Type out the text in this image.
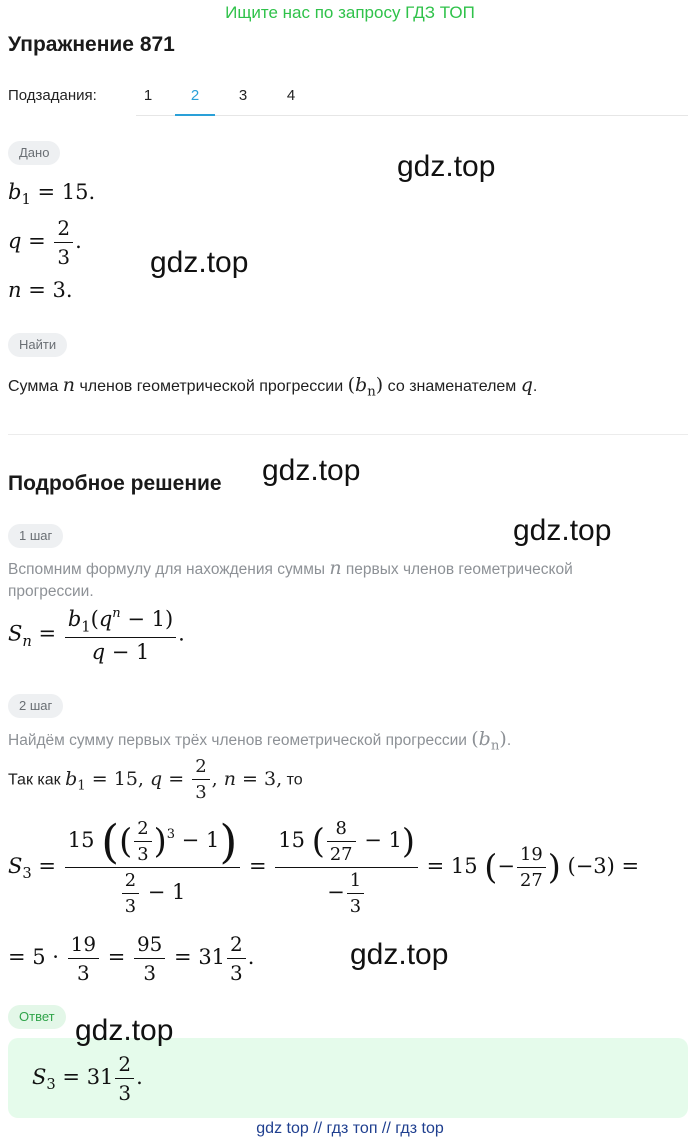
Ищите нас по запросу ГДЗ ТОП
Упражнение 871
Подзадания:	1	2	3	4
Дано
$b_1 = 15$.
$q = \frac{2}{3}$ .
n = 3.
Найти
Сумма n членов геометрической прогрессии $(b_n)$ со знаменателем q.
Подробное решение
1 шаг
Вспомним формулу для нахождения суммы n первых членов геометрической прогрессии.
$S_n = \frac{b_1(q^n - 1)}{q - 1}$ .
2 шаг
Найдём сумму первых трёх членов геометрической прогрессии $(b_n)$.
Так как $b_1 = 15$, $q = \frac{2}{3}$ , n = 3, то
$S_3 = \frac{15 (( \frac{2}{3} )^3 - 1)}{\frac{2}{3} - 1} = \frac{15 ( \frac{8}{27} - 1)}{- \frac{1}{3}} = 15$ (− $\frac{19}{27}$ ) (−3) =
= $5 \cdot \frac{19}{3} = \frac{95}{3} = 31 \frac{2}{3}$ .
Ответ
$S_3 = 31 \frac{2}{3}$ .
gdz.top
gdz.top
gdz.top
gdz.top
gdz.top
gdz.top
gdz top // гдз топ // гдз top
